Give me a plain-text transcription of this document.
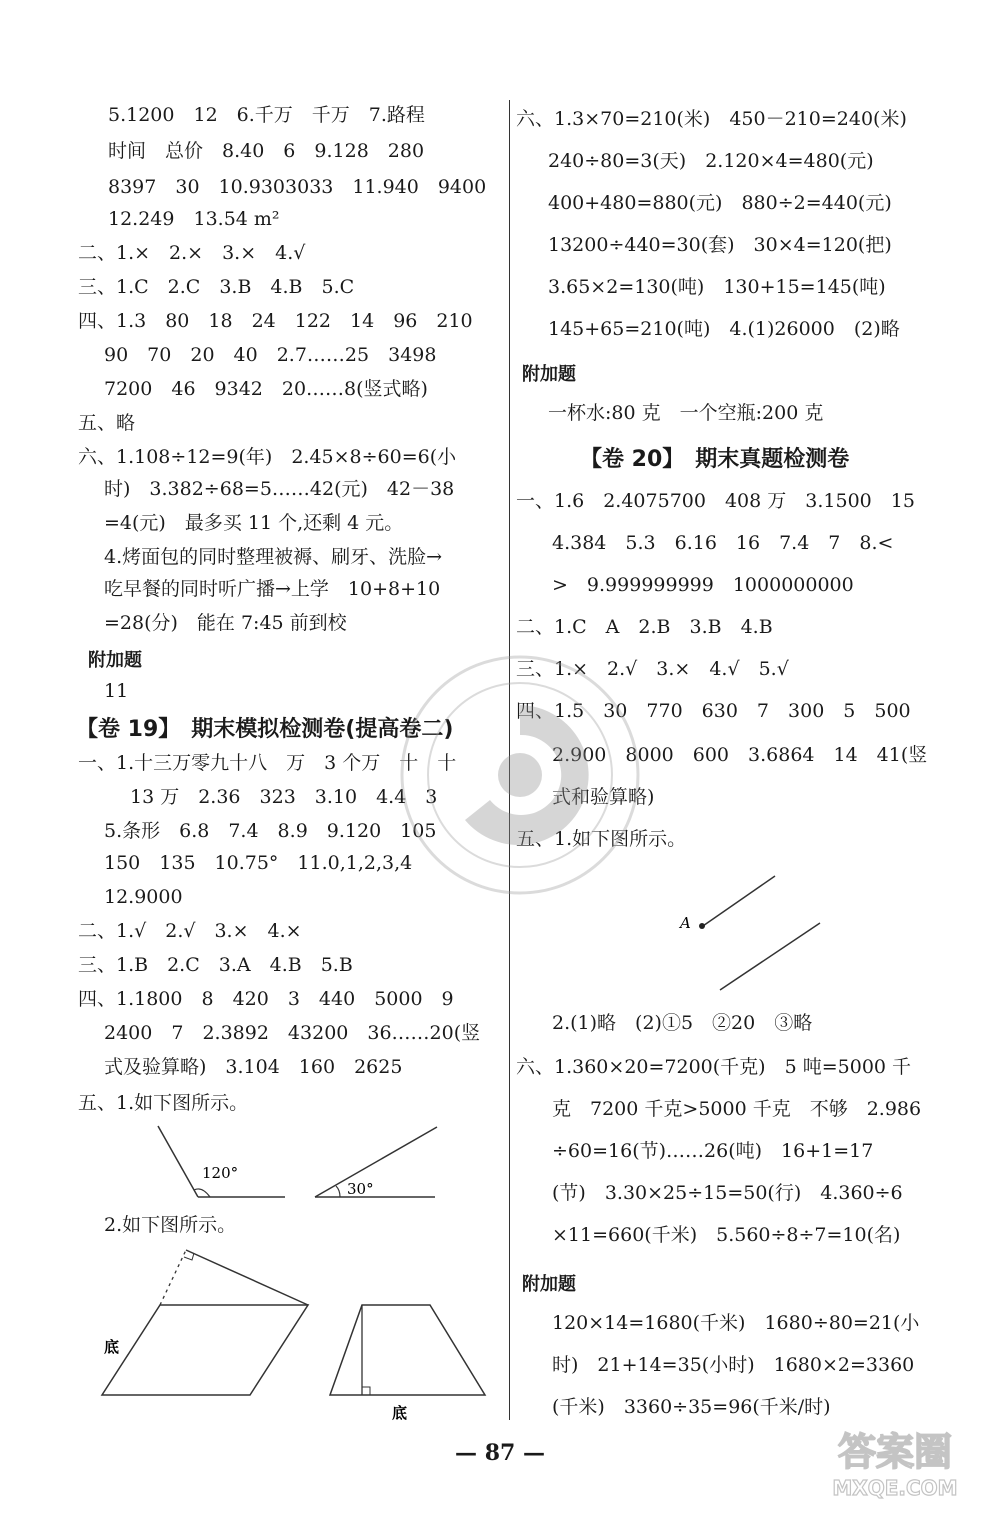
5.1200　12　6.千万　千万　7.路程
时间　总价　8.40　6　9.128　280
8397　30　10.9303033　11.940　9400
12.249　13.54 m²
二、1.×　2.×　3.×　4.√
三、1.C　2.C　3.B　4.B　5.C
四、1.3　80　18　24　122　14　96　210
90　70　20　40　2.7……25　3498
7200　46　9342　20……8(竖式略)
五、略
六、1.108÷12=9(年)　2.45×8÷60=6(小
时)　3.382÷68=5……42(元)　42－38
=4(元)　最多买 11 个,还剩 4 元。
4.烤面包的同时整理被褥、刷牙、洗脸→
吃早餐的同时听广播→上学　10+8+10
=28(分)　能在 7:45 前到校
附加题
11
【卷 19】　期末模拟检测卷(提高卷二)
一、1.十三万零九十八　万　3 个万　十　十
13 万　2.36　323　3.10　4.4　3
5.条形　6.8　7.4　8.9　9.120　105
150　135　10.75°　11.0,1,2,3,4
12.9000
二、1.√　2.√　3.×　4.×
三、1.B　2.C　3.A　4.B　5.B
四、1.1800　8　420　3　440　5000　9
2400　7　2.3892　43200　36……20(竖
式及验算略)　3.104　160　2625
五、1.如下图所示。
2.如下图所示。
120°
30°
底
底
六、1.3×70=210(米)　450－210=240(米)
240÷80=3(天)　2.120×4=480(元)
400+480=880(元)　880÷2=440(元)
13200÷440=30(套)　30×4=120(把)
3.65×2=130(吨)　130+15=145(吨)
145+65=210(吨)　4.(1)26000　(2)略
附加题
一杯水:80 克　一个空瓶:200 克
【卷 20】　期末真题检测卷
一、1.6　2.4075700　408 万　3.1500　15
4.384　5.3　6.16　16　7.4　7　8.<
>　9.999999999　1000000000
二、1.C　A　2.B　3.B　4.B
三、1.×　2.√　3.×　4.√　5.√
四、1.5　30　770　630　7　300　5　500
2.900　8000　600　3.6864　14　41(竖
式和验算略)
五、1.如下图所示。
2.(1)略　(2)①5　②20　③略
六、1.360×20=7200(千克)　5 吨=5000 千
克　7200 千克>5000 千克　不够　2.986
÷60=16(节)……26(吨)　16+1=17
(节)　3.30×25÷15=50(行)　4.360÷6
×11=660(千米)　5.560÷8÷7=10(名)
附加题
120×14=1680(千米)　1680÷80=21(小
时)　21+14=35(小时)　1680×2=3360
(千米)　3360÷35=96(千米/时)
A
— 87 —	答案圈
MXQE.COM
